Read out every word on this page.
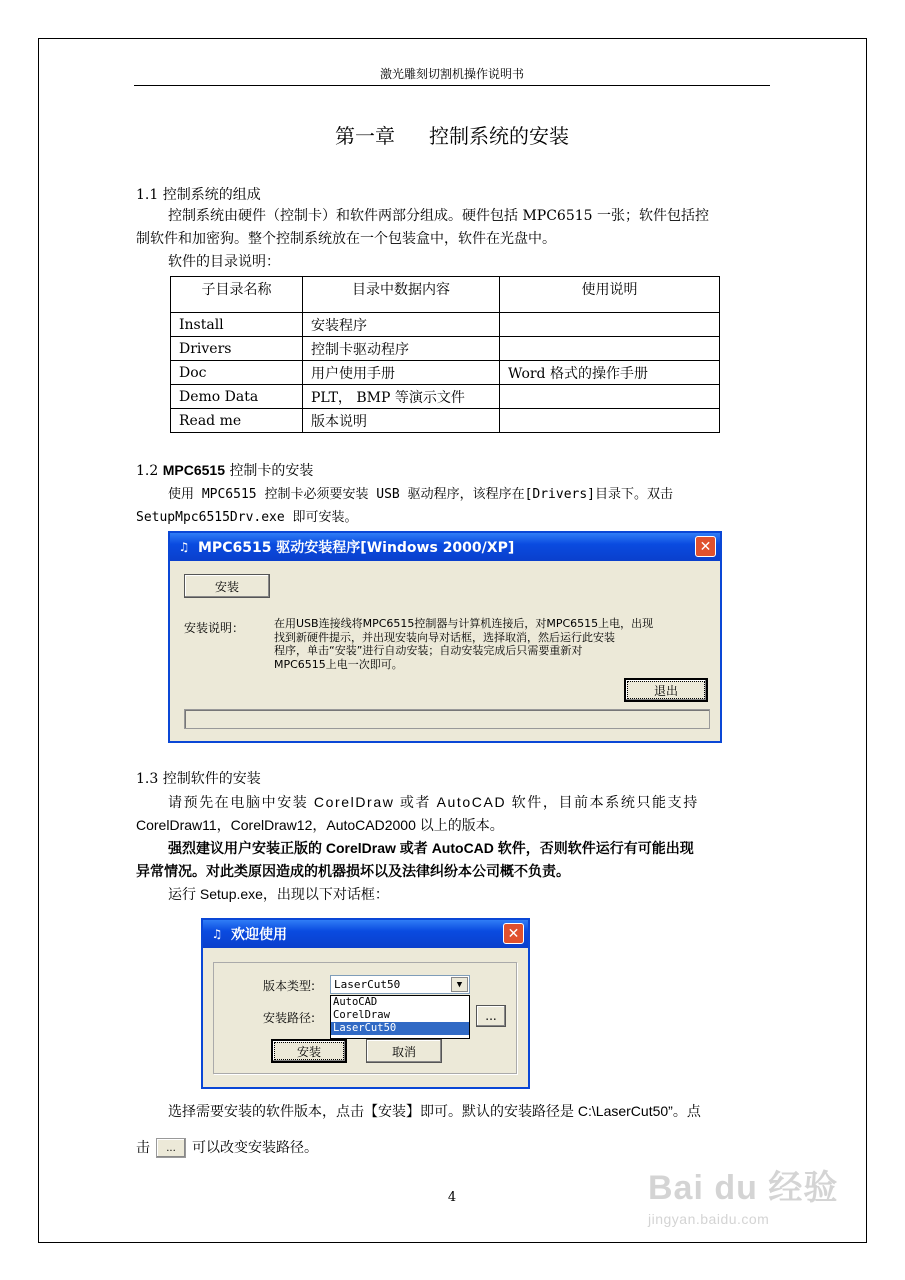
激光雕刻切割机操作说明书
第一章 控制系统的安装
1.1 控制系统的组成
控制系统由硬件（控制卡）和软件两部分组成。硬件包括 MPC6515 一张；软件包括控
制软件和加密狗。整个控制系统放在一个包装盒中，软件在光盘中。
软件的目录说明：
子目录名称	目录中数据内容	使用说明
Install	安装程序	
Drivers	控制卡驱动程序	
Doc	用户使用手册	Word 格式的操作手册
Demo Data	PLT， BMP 等演示文件	
Read me	版本说明	
1.2 MPC6515 控制卡的安装
使用 MPC6515 控制卡必须要安装 USB 驱动程序，该程序在[Drivers]目录下。双击
SetupMpc6515Drv.exe 即可安装。
♫ MPC6515 驱动安装程序[Windows 2000/XP]	✕
安装
安装说明：	在用USB连接线将MPC6515控制器与计算机连接后，对MPC6515上电，出现
找到新硬件提示，并出现安装向导对话框，选择取消，然后运行此安装
程序，单击“安装”进行自动安装；自动安装完成后只需要重新对
MPC6515上电一次即可。
退出
1.3 控制软件的安装
请预先在电脑中安装 CorelDraw 或者 AutoCAD 软件，目前本系统只能支持
CorelDraw11，CorelDraw12，AutoCAD2000 以上的版本。
强烈建议用户安装正版的 CorelDraw 或者 AutoCAD 软件，否则软件运行有可能出现
异常情况。对此类原因造成的机器损坏以及法律纠纷本公司概不负责。
运行 Setup.exe，出现以下对话框：
♫ 欢迎使用	✕
版本类型: LaserCut50	▼
安装路径:
AutoCAD
CorelDraw
LaserCut50
...
安装	取消
选择需要安装的软件版本，点击【安装】即可。默认的安装路径是 C:\LaserCut50”。点
击 ... 可以改变安装路径。
4	Bai du 经验
jingyan.baidu.com
